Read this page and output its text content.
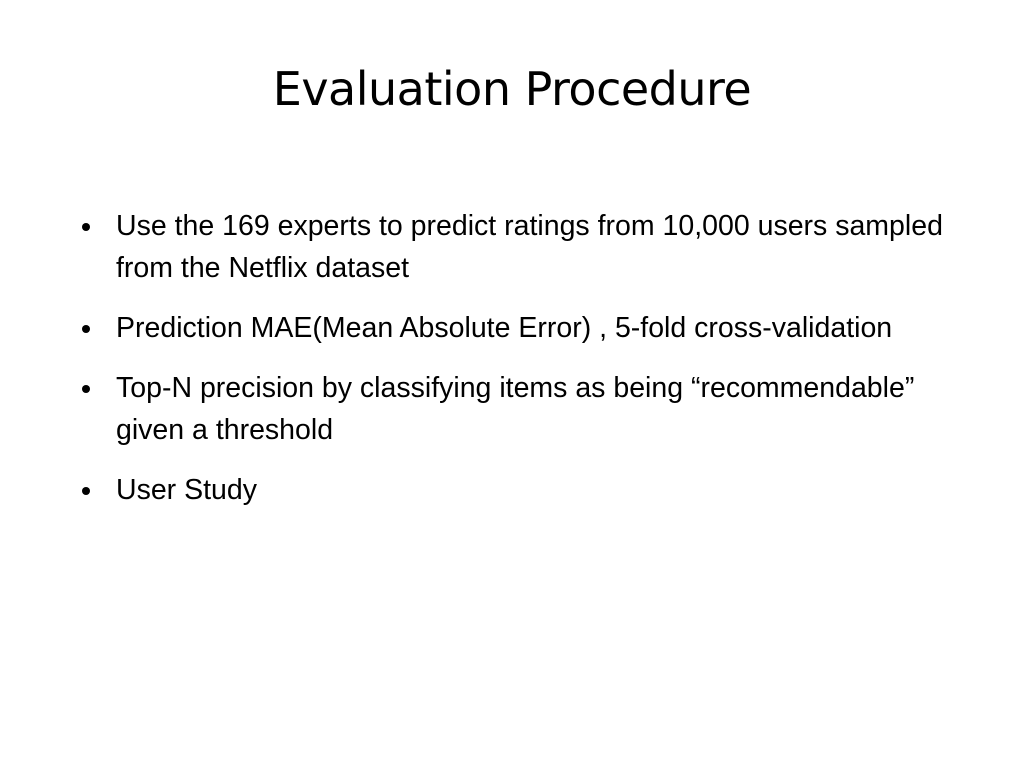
Evaluation Procedure
Use the 169 experts to predict ratings from 10,000 users sampled from the Netflix dataset
Prediction MAE(Mean Absolute Error) , 5-fold cross-validation
Top-N precision by classifying items as being “recommendable” given a threshold
User Study
